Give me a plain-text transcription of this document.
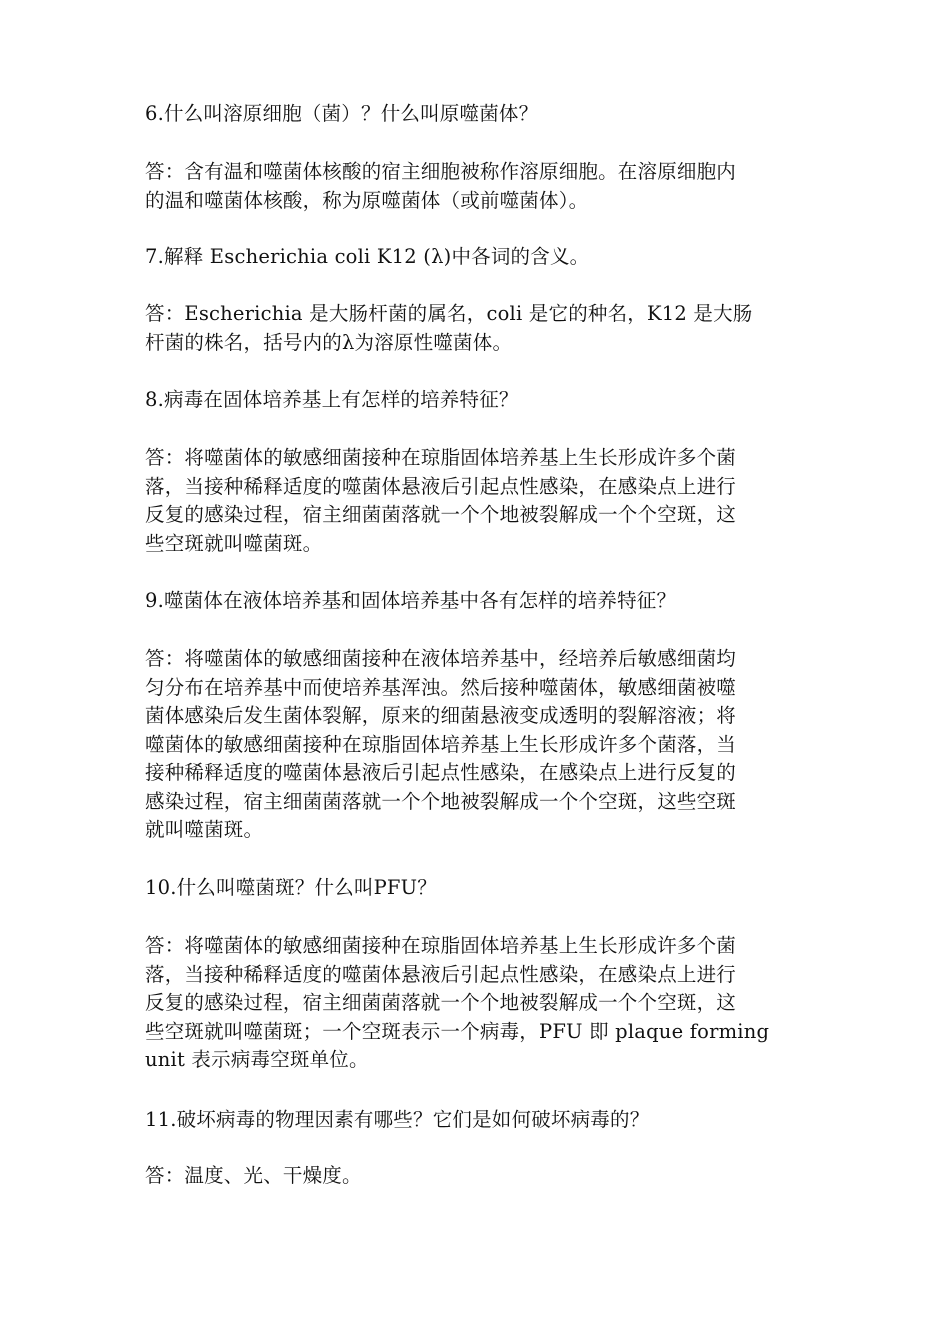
6.什么叫溶原细胞（菌）？什么叫原噬菌体？

答：含有温和噬菌体核酸的宿主细胞被称作溶原细胞。在溶原细胞内
的温和噬菌体核酸，称为原噬菌体（或前噬菌体）。

7.解释 Escherichia coli K12 (λ)中各词的含义。

答：Escherichia 是大肠杆菌的属名，coli 是它的种名，K12 是大肠
杆菌的株名，括号内的λ为溶原性噬菌体。

8.病毒在固体培养基上有怎样的培养特征？

答：将噬菌体的敏感细菌接种在琼脂固体培养基上生长形成许多个菌
落，当接种稀释适度的噬菌体悬液后引起点性感染，在感染点上进行
反复的感染过程，宿主细菌菌落就一个个地被裂解成一个个空斑，这
些空斑就叫噬菌斑。

9.噬菌体在液体培养基和固体培养基中各有怎样的培养特征？

答：将噬菌体的敏感细菌接种在液体培养基中，经培养后敏感细菌均
匀分布在培养基中而使培养基浑浊。然后接种噬菌体，敏感细菌被噬
菌体感染后发生菌体裂解，原来的细菌悬液变成透明的裂解溶液；将
噬菌体的敏感细菌接种在琼脂固体培养基上生长形成许多个菌落，当
接种稀释适度的噬菌体悬液后引起点性感染，在感染点上进行反复的
感染过程，宿主细菌菌落就一个个地被裂解成一个个空斑，这些空斑
就叫噬菌斑。

10.什么叫噬菌斑？什么叫PFU？

答：将噬菌体的敏感细菌接种在琼脂固体培养基上生长形成许多个菌
落，当接种稀释适度的噬菌体悬液后引起点性感染，在感染点上进行
反复的感染过程，宿主细菌菌落就一个个地被裂解成一个个空斑，这
些空斑就叫噬菌斑；一个空斑表示一个病毒，PFU 即 plaque forming
unit 表示病毒空斑单位。

11.破坏病毒的物理因素有哪些？它们是如何破坏病毒的？

答：温度、光、干燥度。
